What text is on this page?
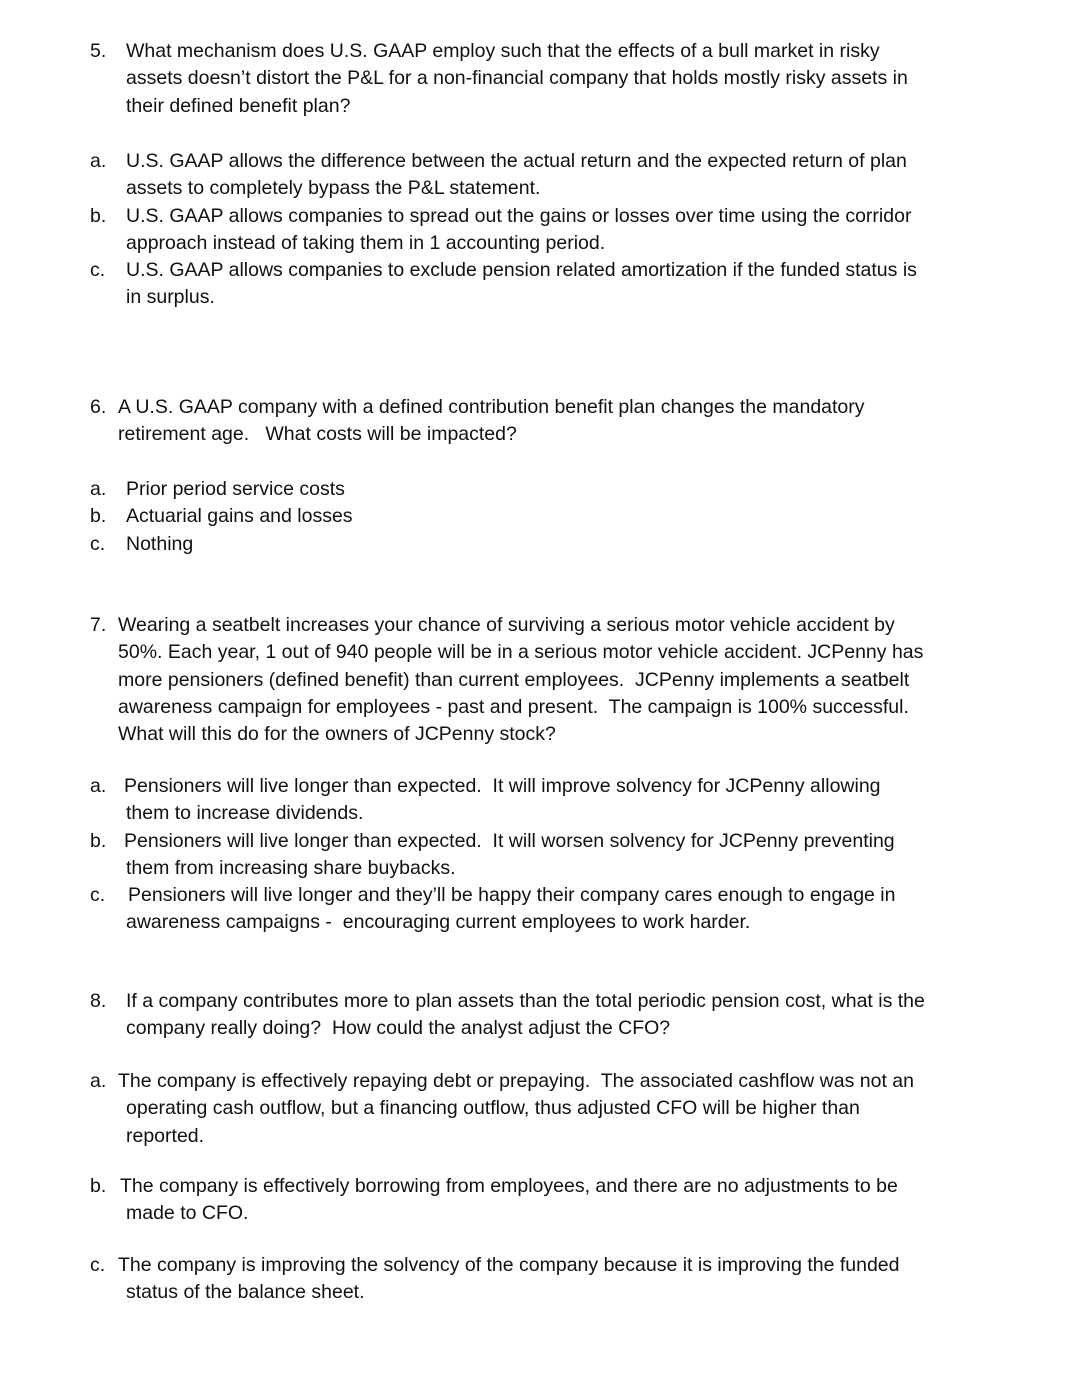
5. What mechanism does U.S. GAAP employ such that the effects of a bull market in risky
assets doesn’t distort the P&L for a non-financial company that holds mostly risky assets in
their defined benefit plan?
a. U.S. GAAP allows the difference between the actual return and the expected return of plan
assets to completely bypass the P&L statement.
b. U.S. GAAP allows companies to spread out the gains or losses over time using the corridor
approach instead of taking them in 1 accounting period.
c. U.S. GAAP allows companies to exclude pension related amortization if the funded status is
in surplus.
6. A U.S. GAAP company with a defined contribution benefit plan changes the mandatory
retirement age.   What costs will be impacted?
a. Prior period service costs
b. Actuarial gains and losses
c. Nothing
7. Wearing a seatbelt increases your chance of surviving a serious motor vehicle accident by
50%. Each year, 1 out of 940 people will be in a serious motor vehicle accident. JCPenny has
more pensioners (defined benefit) than current employees.  JCPenny implements a seatbelt
awareness campaign for employees - past and present.  The campaign is 100% successful.
What will this do for the owners of JCPenny stock?
a. Pensioners will live longer than expected.  It will improve solvency for JCPenny allowing
them to increase dividends.
b. Pensioners will live longer than expected.  It will worsen solvency for JCPenny preventing
them from increasing share buybacks.
c. Pensioners will live longer and they’ll be happy their company cares enough to engage in
awareness campaigns -  encouraging current employees to work harder.
8. If a company contributes more to plan assets than the total periodic pension cost, what is the
company really doing?  How could the analyst adjust the CFO?
a. The company is effectively repaying debt or prepaying.  The associated cashflow was not an
operating cash outflow, but a financing outflow, thus adjusted CFO will be higher than
reported.
b. The company is effectively borrowing from employees, and there are no adjustments to be
made to CFO.
c. The company is improving the solvency of the company because it is improving the funded
status of the balance sheet.
